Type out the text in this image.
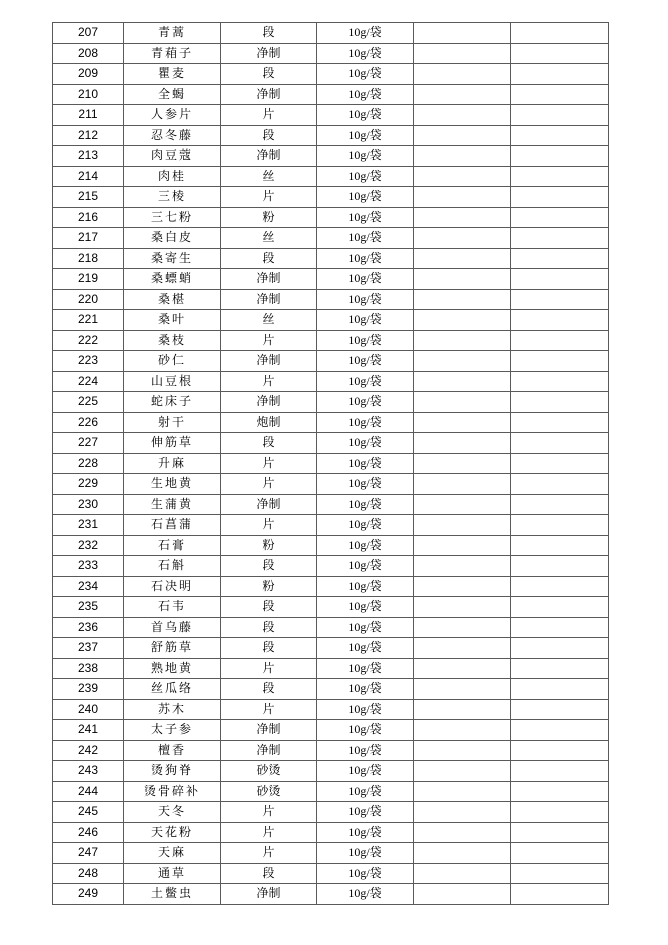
207	青蒿	段	10g/袋		
208	青葙子	净制	10g/袋		
209	瞿麦	段	10g/袋		
210	全蝎	净制	10g/袋		
211	人参片	片	10g/袋		
212	忍冬藤	段	10g/袋		
213	肉豆蔻	净制	10g/袋		
214	肉桂	丝	10g/袋		
215	三棱	片	10g/袋		
216	三七粉	粉	10g/袋		
217	桑白皮	丝	10g/袋		
218	桑寄生	段	10g/袋		
219	桑螵蛸	净制	10g/袋		
220	桑椹	净制	10g/袋		
221	桑叶	丝	10g/袋		
222	桑枝	片	10g/袋		
223	砂仁	净制	10g/袋		
224	山豆根	片	10g/袋		
225	蛇床子	净制	10g/袋		
226	射干	炮制	10g/袋		
227	伸筋草	段	10g/袋		
228	升麻	片	10g/袋		
229	生地黄	片	10g/袋		
230	生蒲黄	净制	10g/袋		
231	石菖蒲	片	10g/袋		
232	石膏	粉	10g/袋		
233	石斛	段	10g/袋		
234	石决明	粉	10g/袋		
235	石韦	段	10g/袋		
236	首乌藤	段	10g/袋		
237	舒筋草	段	10g/袋		
238	熟地黄	片	10g/袋		
239	丝瓜络	段	10g/袋		
240	苏木	片	10g/袋		
241	太子参	净制	10g/袋		
242	檀香	净制	10g/袋		
243	烫狗脊	砂烫	10g/袋		
244	烫骨碎补	砂烫	10g/袋		
245	天冬	片	10g/袋		
246	天花粉	片	10g/袋		
247	天麻	片	10g/袋		
248	通草	段	10g/袋		
249	土鳖虫	净制	10g/袋		
